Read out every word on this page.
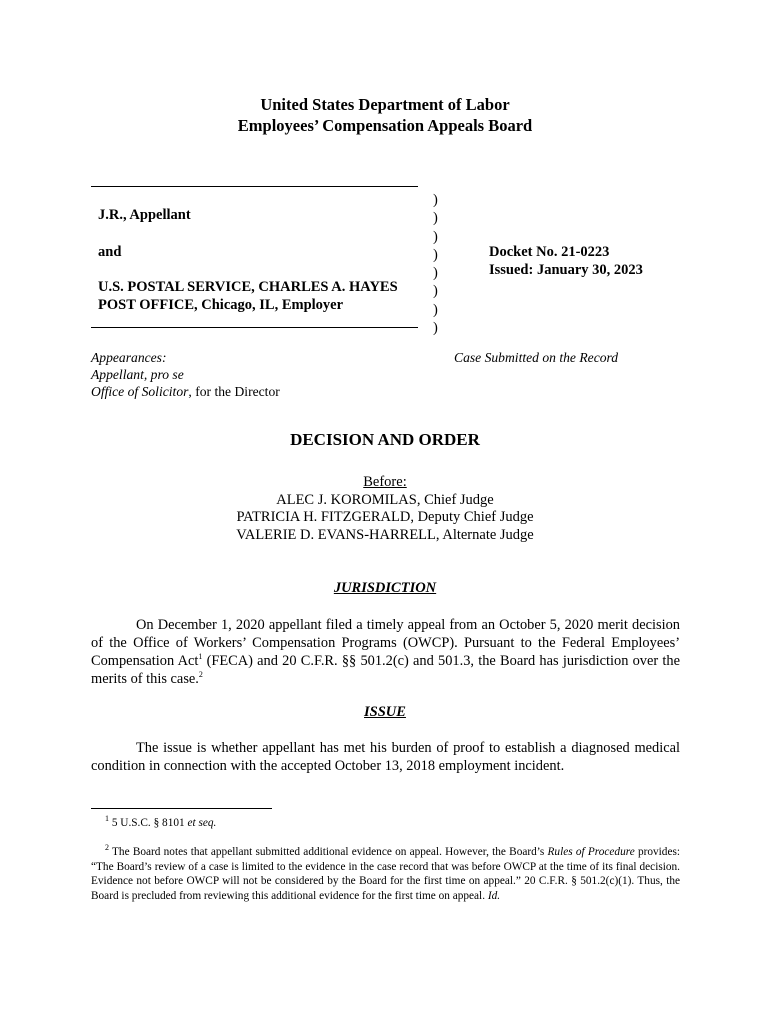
United States Department of Labor
Employees’ Compensation Appeals Board
J.R., Appellant
and
U.S. POSTAL SERVICE, CHARLES A. HAYES
POST OFFICE, Chicago, IL, Employer
)
)
)
)
)
)
)
)
Docket No. 21-0223
Issued: January 30, 2023
Appearances:
Appellant, pro se
Office of Solicitor, for the Director
Case Submitted on the Record
DECISION AND ORDER
Before:
ALEC J. KOROMILAS, Chief Judge
PATRICIA H. FITZGERALD, Deputy Chief Judge
VALERIE D. EVANS-HARRELL, Alternate Judge
JURISDICTION
On December 1, 2020 appellant filed a timely appeal from an October 5, 2020 merit decision of the Office of Workers’ Compensation Programs (OWCP). Pursuant to the Federal Employees’ Compensation Act$^1$ (FECA) and 20 C.F.R. §§ 501.2(c) and 501.3, the Board has jurisdiction over the merits of this case.$^2$
ISSUE
The issue is whether appellant has met his burden of proof to establish a diagnosed medical condition in connection with the accepted October 13, 2018 employment incident.
$^1$ 5 U.S.C. § 8101 et seq.
$^2$ The Board notes that appellant submitted additional evidence on appeal. However, the Board’s Rules of Procedure provides: “The Board’s review of a case is limited to the evidence in the case record that was before OWCP at the time of its final decision. Evidence not before OWCP will not be considered by the Board for the first time on appeal.” 20 C.F.R. § 501.2(c)(1). Thus, the Board is precluded from reviewing this additional evidence for the first time on appeal. Id.
